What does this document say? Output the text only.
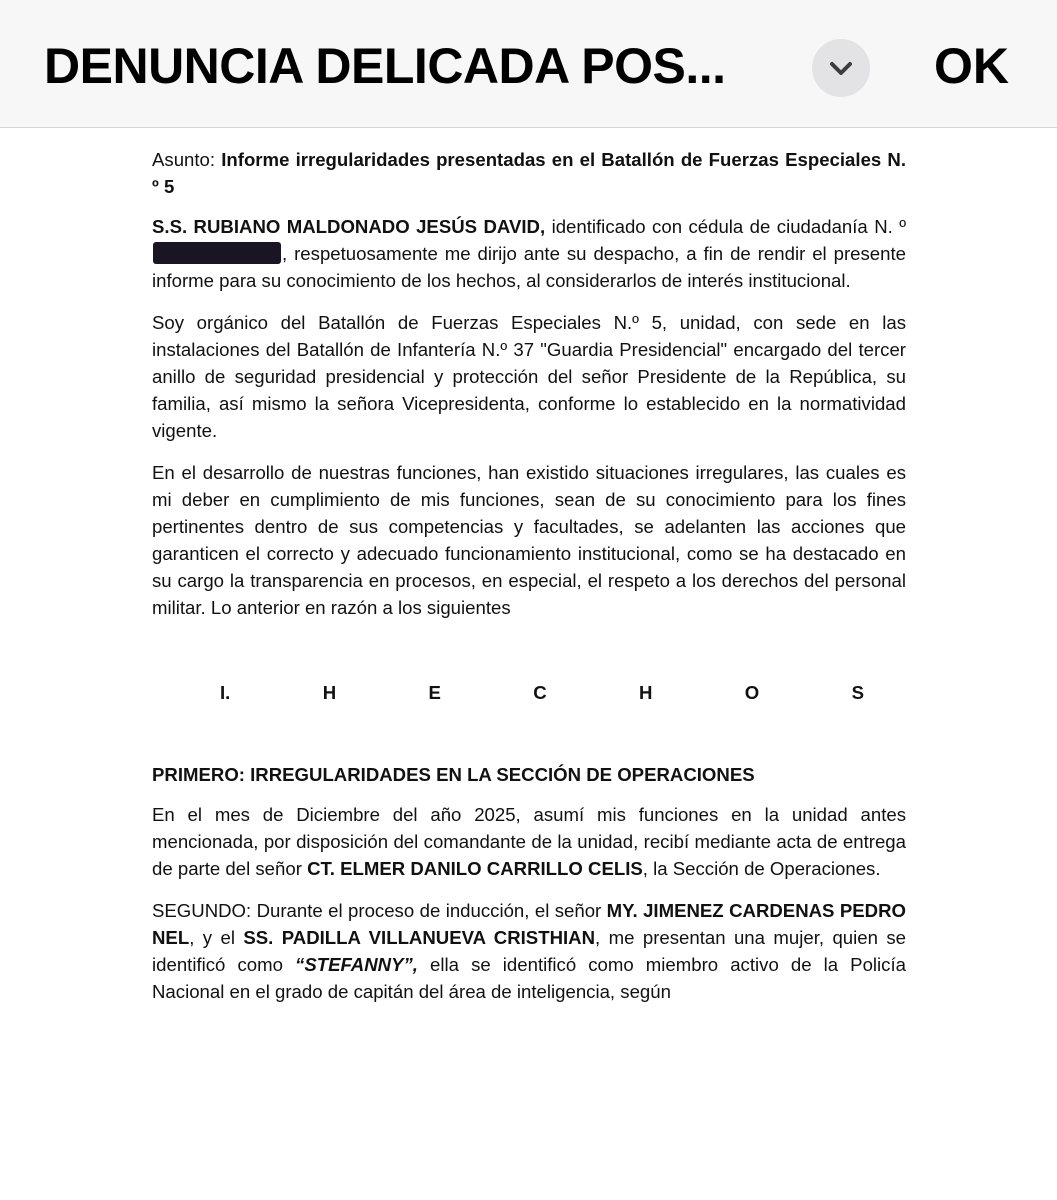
DENUNCIA DELICADA POS...	OK

Asunto: Informe irregularidades presentadas en el Batallón de Fuerzas Especiales N. º 5

S.S. RUBIANO MALDONADO JESÚS DAVID, identificado con cédula de ciudadanía N. º , respetuosamente me dirijo ante su despacho, a fin de rendir el presente informe para su conocimiento de los hechos, al considerarlos de interés institucional.

Soy orgánico del Batallón de Fuerzas Especiales N.º 5, unidad, con sede en las instalaciones del Batallón de Infantería N.º 37 "Guardia Presidencial" encargado del tercer anillo de seguridad presidencial y protección del señor Presidente de la República, su familia, así mismo la señora Vicepresidenta, conforme lo establecido en la normatividad vigente.

En el desarrollo de nuestras funciones, han existido situaciones irregulares, las cuales es mi deber en cumplimiento de mis funciones, sean de su conocimiento para los fines pertinentes dentro de sus competencias y facultades, se adelanten las acciones que garanticen el correcto y adecuado funcionamiento institucional, como se ha destacado en su cargo la transparencia en procesos, en especial, el respeto a los derechos del personal militar. Lo anterior en razón a los siguientes

I.	H	E	C	H	O	S

PRIMERO: IRREGULARIDADES EN LA SECCIÓN DE OPERACIONES

En el mes de Diciembre del año 2025, asumí mis funciones en la unidad antes mencionada, por disposición del comandante de la unidad, recibí mediante acta de entrega de parte del señor CT. ELMER DANILO CARRILLO CELIS, la Sección de Operaciones.

SEGUNDO: Durante el proceso de inducción, el señor MY. JIMENEZ CARDENAS PEDRO NEL, y el SS. PADILLA VILLANUEVA CRISTHIAN, me presentan una mujer, quien se identificó como “STEFANNY”, ella se identificó como miembro activo de la Policía Nacional en el grado de capitán del área de inteligencia, según
